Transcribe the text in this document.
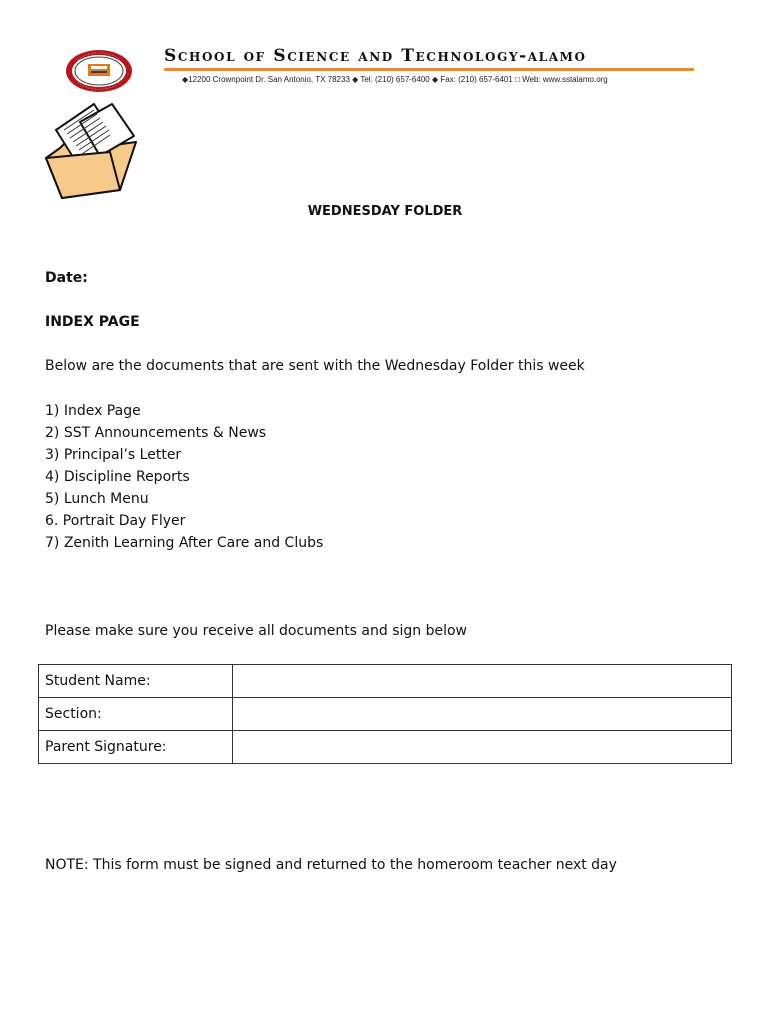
School of Science and Technology-alamo
◆12200 Crownpoint Dr. San Antonio, TX 78233 ◆ Tel: (210) 657-6400 ◆ Fax: (210) 657-6401 □ Web: www.sstalamo.org
WEDNESDAY FOLDER
Date:
INDEX PAGE
Below are the documents that are sent with the Wednesday Folder this week
1) Index Page
2) SST Announcements & News
3) Principal’s Letter
4) Discipline Reports
5) Lunch Menu
6. Portrait Day Flyer
7) Zenith Learning After Care and Clubs
Please make sure you receive all documents and sign below
Student Name:	
Section:	
Parent Signature:	
NOTE: This form must be signed and returned to the homeroom teacher next day
